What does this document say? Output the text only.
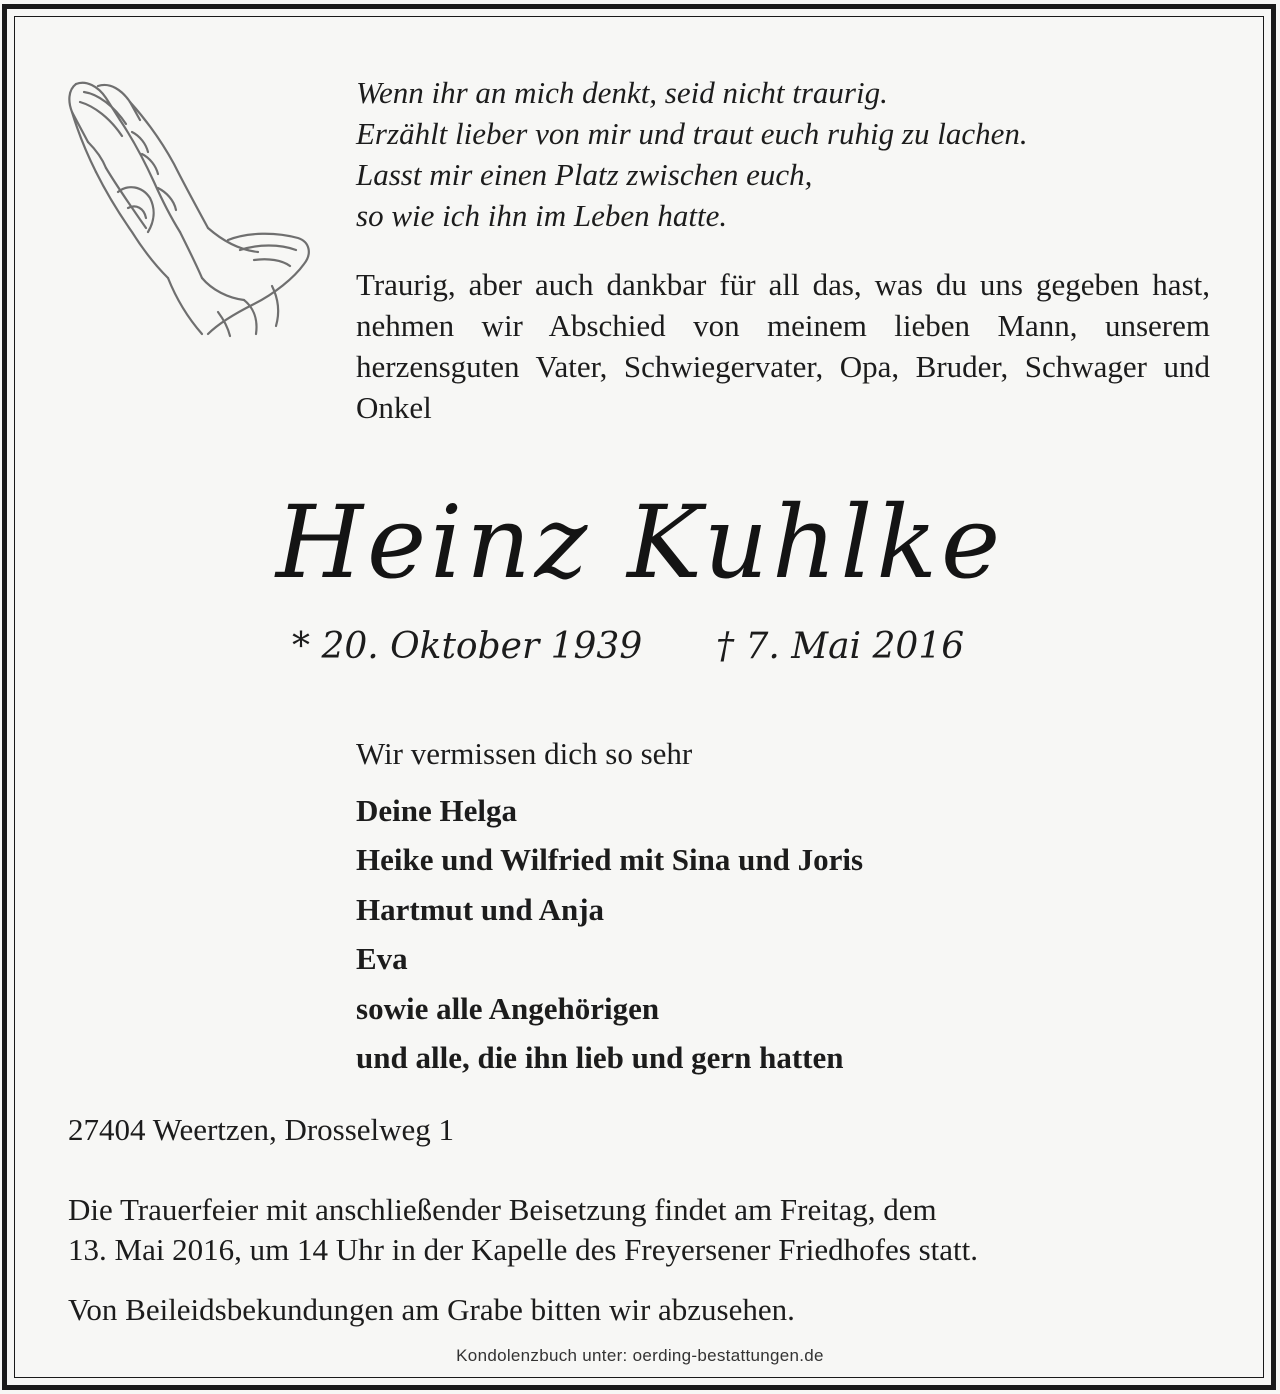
Wenn ihr an mich denkt, seid nicht traurig.
Erzählt lieber von mir und traut euch ruhig zu lachen.
Lasst mir einen Platz zwischen euch,
so wie ich ihn im Leben hatte.
Traurig, aber auch dankbar für all das, was du uns gegeben hast, nehmen wir Abschied von meinem lieben Mann, unserem herzensguten Vater, Schwiegervater, Opa, Bruder, Schwager und Onkel
Heinz Kuhlke
* 20. Oktober 1939 † 7. Mai 2016
Wir vermissen dich so sehr
Deine Helga
Heike und Wilfried mit Sina und Joris
Hartmut und Anja
Eva
sowie alle Angehörigen
und alle, die ihn lieb und gern hatten
27404 Weertzen, Drosselweg 1
Die Trauerfeier mit anschließender Beisetzung findet am Freitag, dem
13. Mai 2016, um 14 Uhr in der Kapelle des Freyersener Friedhofes statt.
Von Beileidsbekundungen am Grabe bitten wir abzusehen.
Kondolenzbuch unter: oerding-bestattungen.de
